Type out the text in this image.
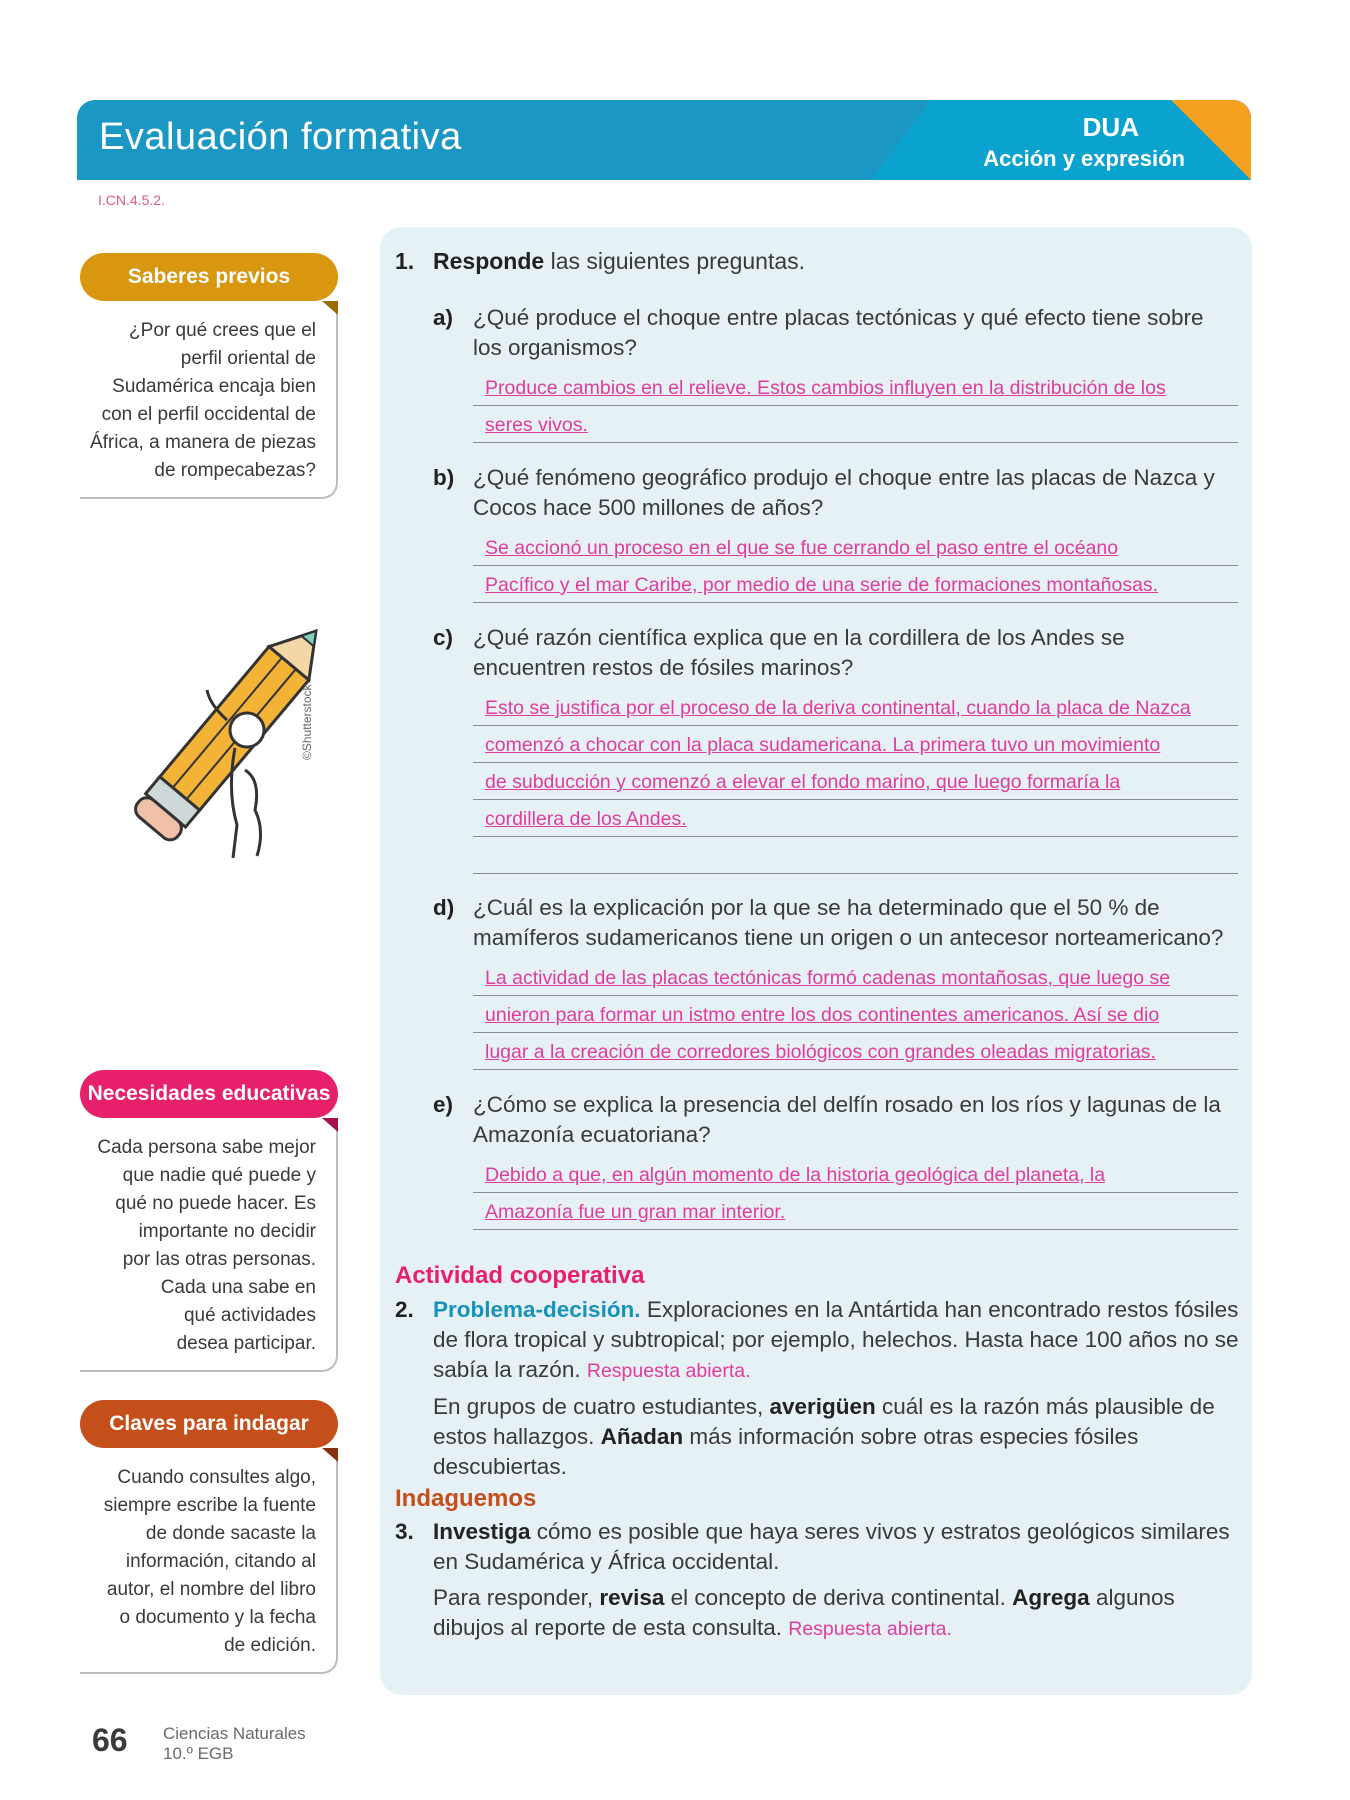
Evaluación formativa	DUA
Acción y expresión
I.CN.4.5.2.
Saberes previos
¿Por qué crees que el
perfil oriental de
Sudamérica encaja bien
con el perfil occidental de
África, a manera de piezas
de rompecabezas?
©Shutterstock
Necesidades educativas
Cada persona sabe mejor
que nadie qué puede y
qué no puede hacer. Es
importante no decidir
por las otras personas.
Cada una sabe en
qué actividades
desea participar.
Claves para indagar
Cuando consultes algo,
siempre escribe la fuente
de donde sacaste la
información, citando al
autor, el nombre del libro
o documento y la fecha
de edición.
1. Responde las siguientes preguntas.
a) ¿Qué produce el choque entre placas tectónicas y qué efecto tiene sobre los organismos?
Produce cambios en el relieve. Estos cambios influyen en la distribución de los
seres vivos.
b) ¿Qué fenómeno geográfico produjo el choque entre las placas de Nazca y Cocos hace 500 millones de años?
Se accionó un proceso en el que se fue cerrando el paso entre el océano
Pacífico y el mar Caribe, por medio de una serie de formaciones montañosas.
c) ¿Qué razón científica explica que en la cordillera de los Andes se encuentren restos de fósiles marinos?
Esto se justifica por el proceso de la deriva continental, cuando la placa de Nazca
comenzó a chocar con la placa sudamericana. La primera tuvo un movimiento
de subducción y comenzó a elevar el fondo marino, que luego formaría la
cordillera de los Andes.
d) ¿Cuál es la explicación por la que se ha determinado que el 50 % de mamíferos sudamericanos tiene un origen o un antecesor norteamericano?
La actividad de las placas tectónicas formó cadenas montañosas, que luego se
unieron para formar un istmo entre los dos continentes americanos. Así se dio
lugar a la creación de corredores biológicos con grandes oleadas migratorias.
e) ¿Cómo se explica la presencia del delfín rosado en los ríos y lagunas de la Amazonía ecuatoriana?
Debido a que, en algún momento de la historia geológica del planeta, la
Amazonía fue un gran mar interior.
Actividad cooperativa
2. Problema-decisión. Exploraciones en la Antártida han encontrado restos fósiles de flora tropical y subtropical; por ejemplo, helechos. Hasta hace 100 años no se sabía la razón. Respuesta abierta.
En grupos de cuatro estudiantes, averigüen cuál es la razón más plausible de estos hallazgos. Añadan más información sobre otras especies fósiles descubiertas.
Indaguemos
3. Investiga cómo es posible que haya seres vivos y estratos geológicos similares en Sudamérica y África occidental.
Para responder, revisa el concepto de deriva continental. Agrega algunos dibujos al reporte de esta consulta. Respuesta abierta.
66 Ciencias Naturales
10.º EGB
